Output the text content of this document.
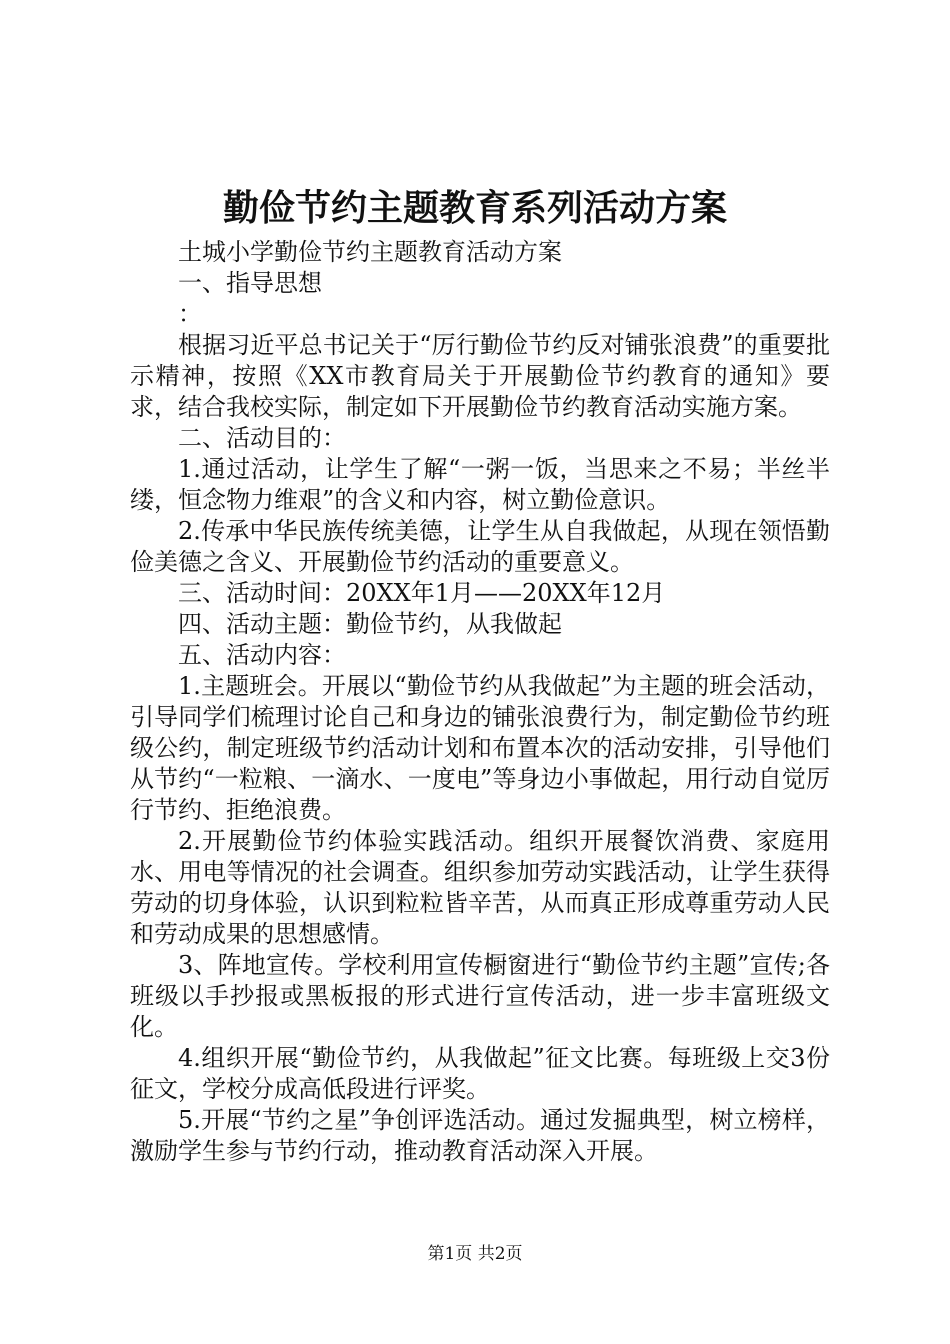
勤俭节约主题教育系列活动方案

土城小学勤俭节约主题教育活动方案

一、指导思想

：

根据习近平总书记关于“厉行勤俭节约反对铺张浪费”的重要批示精神，按照《XX市教育局关于开展勤俭节约教育的通知》要求，结合我校实际，制定如下开展勤俭节约教育活动实施方案。

二、活动目的：

1.通过活动，让学生了解“一粥一饭，当思来之不易；半丝半缕，恒念物力维艰”的含义和内容，树立勤俭意识。

2.传承中华民族传统美德，让学生从自我做起，从现在领悟勤俭美德之含义、开展勤俭节约活动的重要意义。

三、活动时间：20XX年1月——20XX年12月

四、活动主题：勤俭节约，从我做起

五、活动内容：

1.主题班会。开展以“勤俭节约从我做起”为主题的班会活动，引导同学们梳理讨论自己和身边的铺张浪费行为，制定勤俭节约班级公约，制定班级节约活动计划和布置本次的活动安排，引导他们从节约“一粒粮、一滴水、一度电”等身边小事做起，用行动自觉厉行节约、拒绝浪费。

2.开展勤俭节约体验实践活动。组织开展餐饮消费、家庭用水、用电等情况的社会调查。组织参加劳动实践活动，让学生获得劳动的切身体验，认识到粒粒皆辛苦，从而真正形成尊重劳动人民和劳动成果的思想感情。

3、阵地宣传。学校利用宣传橱窗进行“勤俭节约主题”宣传;各班级以手抄报或黑板报的形式进行宣传活动，进一步丰富班级文化。

4.组织开展“勤俭节约，从我做起”征文比赛。每班级上交3份征文，学校分成高低段进行评奖。

5.开展“节约之星”争创评选活动。通过发掘典型，树立榜样，激励学生参与节约行动，推动教育活动深入开展。

第1页 共2页
